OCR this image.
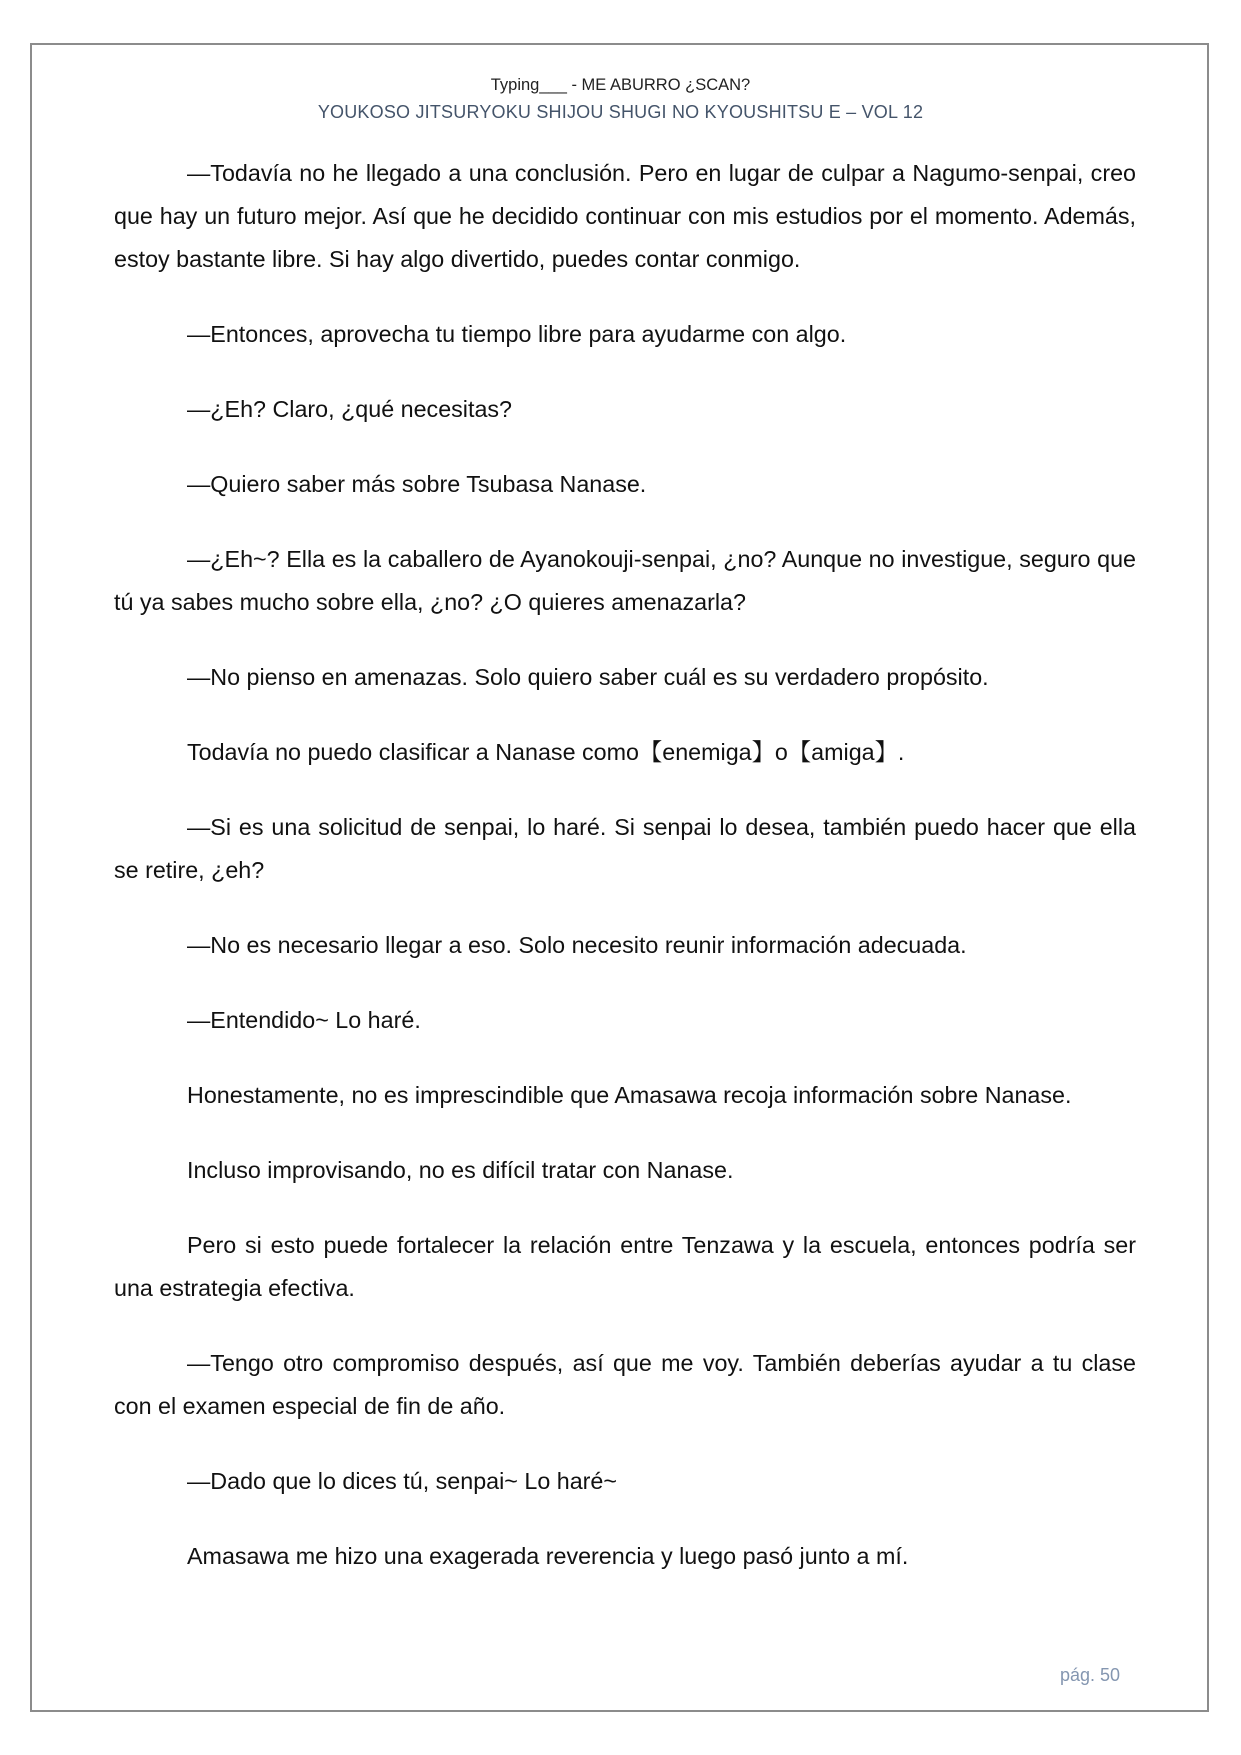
Typing___ - ME ABURRO ¿SCAN?
YOUKOSO JITSURYOKU SHIJOU SHUGI NO KYOUSHITSU E – VOL 12

—Todavía no he llegado a una conclusión. Pero en lugar de culpar a Nagumo-senpai, creo que hay un futuro mejor. Así que he decidido continuar con mis estudios por el momento. Además, estoy bastante libre. Si hay algo divertido, puedes contar conmigo.

—Entonces, aprovecha tu tiempo libre para ayudarme con algo.

—¿Eh? Claro, ¿qué necesitas?

—Quiero saber más sobre Tsubasa Nanase.

—¿Eh~? Ella es la caballero de Ayanokouji-senpai, ¿no? Aunque no investigue, seguro que tú ya sabes mucho sobre ella, ¿no? ¿O quieres amenazarla?

—No pienso en amenazas. Solo quiero saber cuál es su verdadero propósito.

Todavía no puedo clasificar a Nanase como【enemiga】o【amiga】.

—Si es una solicitud de senpai, lo haré. Si senpai lo desea, también puedo hacer que ella se retire, ¿eh?

—No es necesario llegar a eso. Solo necesito reunir información adecuada.

—Entendido~ Lo haré.

Honestamente, no es imprescindible que Amasawa recoja información sobre Nanase.

Incluso improvisando, no es difícil tratar con Nanase.

Pero si esto puede fortalecer la relación entre Tenzawa y la escuela, entonces podría ser una estrategia efectiva.

—Tengo otro compromiso después, así que me voy. También deberías ayudar a tu clase con el examen especial de fin de año.

—Dado que lo dices tú, senpai~ Lo haré~

Amasawa me hizo una exagerada reverencia y luego pasó junto a mí.

pág. 50
